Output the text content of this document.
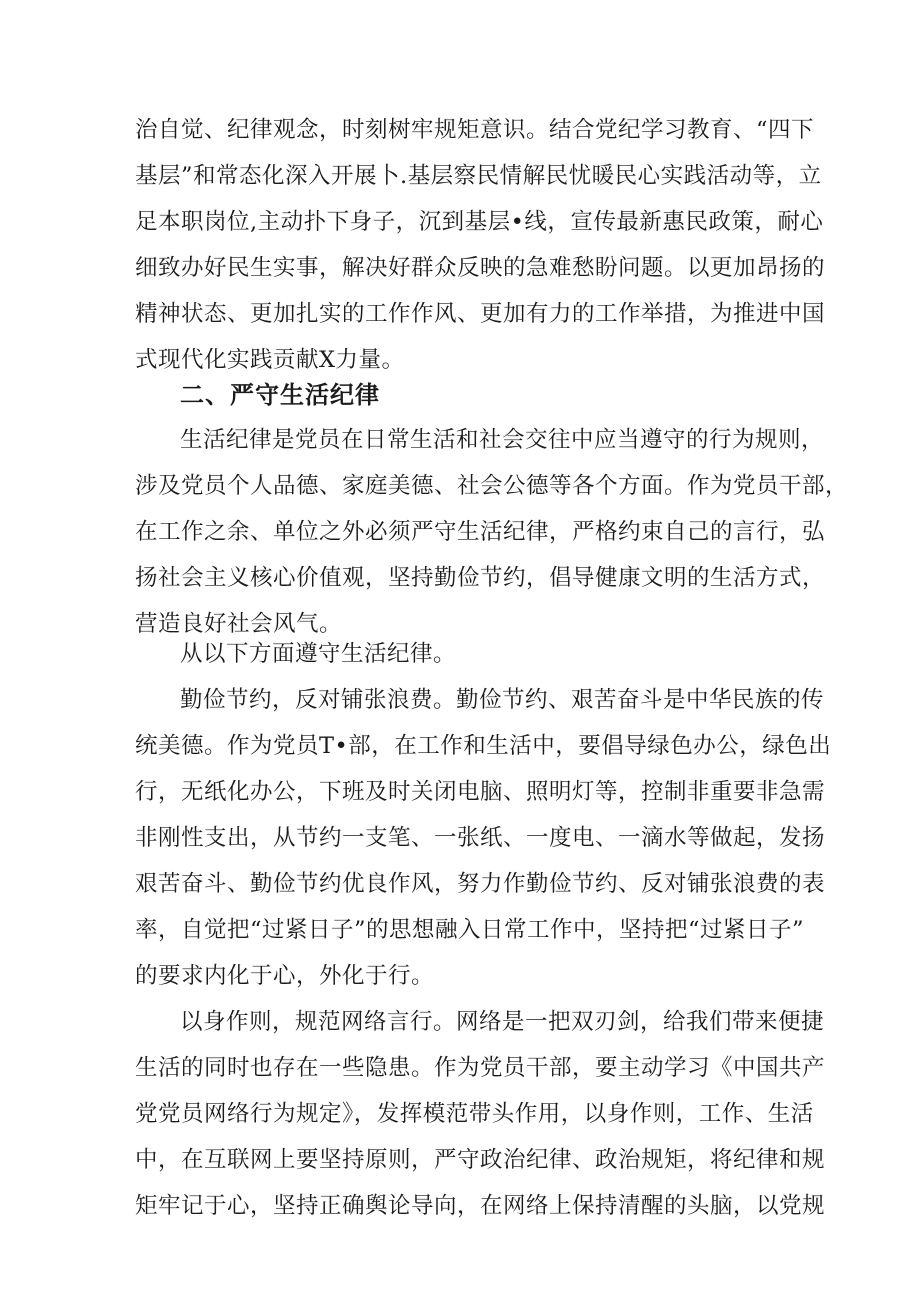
治自觉、纪律观念，时刻树牢规矩意识。结合党纪学习教育、“四下
基层”和常态化深入开展卜.基层察民情解民忧暖民心实践活动等，立
足本职岗位,主动扑下身子，沉到基层•线，宣传最新惠民政策，耐心
细致办好民生实事，解决好群众反映的急难愁盼问题。以更加昂扬的
精神状态、更加扎实的工作作风、更加有力的工作举措，为推进中国
式现代化实践贡献X力量。
二、严守生活纪律
生活纪律是党员在日常生活和社会交往中应当遵守的行为规则，
涉及党员个人品德、家庭美德、社会公德等各个方面。作为党员干部，
在工作之余、单位之外必须严守生活纪律，严格约束自己的言行，弘
扬社会主义核心价值观，坚持勤俭节约，倡导健康文明的生活方式，
营造良好社会风气。
从以下方面遵守生活纪律。
勤俭节约，反对铺张浪费。勤俭节约、艰苦奋斗是中华民族的传
统美德。作为党员T•部，在工作和生活中，要倡导绿色办公，绿色出
行，无纸化办公，下班及时关闭电脑、照明灯等，控制非重要非急需
非刚性支出，从节约一支笔、一张纸、一度电、一滴水等做起，发扬
艰苦奋斗、勤俭节约优良作风，努力作勤俭节约、反对铺张浪费的表
率，自觉把“过紧日子”的思想融入日常工作中，坚持把“过紧日子”
的要求内化于心，外化于行。
以身作则，规范网络言行。网络是一把双刃剑，给我们带来便捷
生活的同时也存在一些隐患。作为党员干部，要主动学习《中国共产
党党员网络行为规定》，发挥模范带头作用，以身作则，工作、生活
中，在互联网上要坚持原则，严守政治纪律、政治规矩，将纪律和规
矩牢记于心，坚持正确舆论导向，在网络上保持清醒的头脑，以党规
